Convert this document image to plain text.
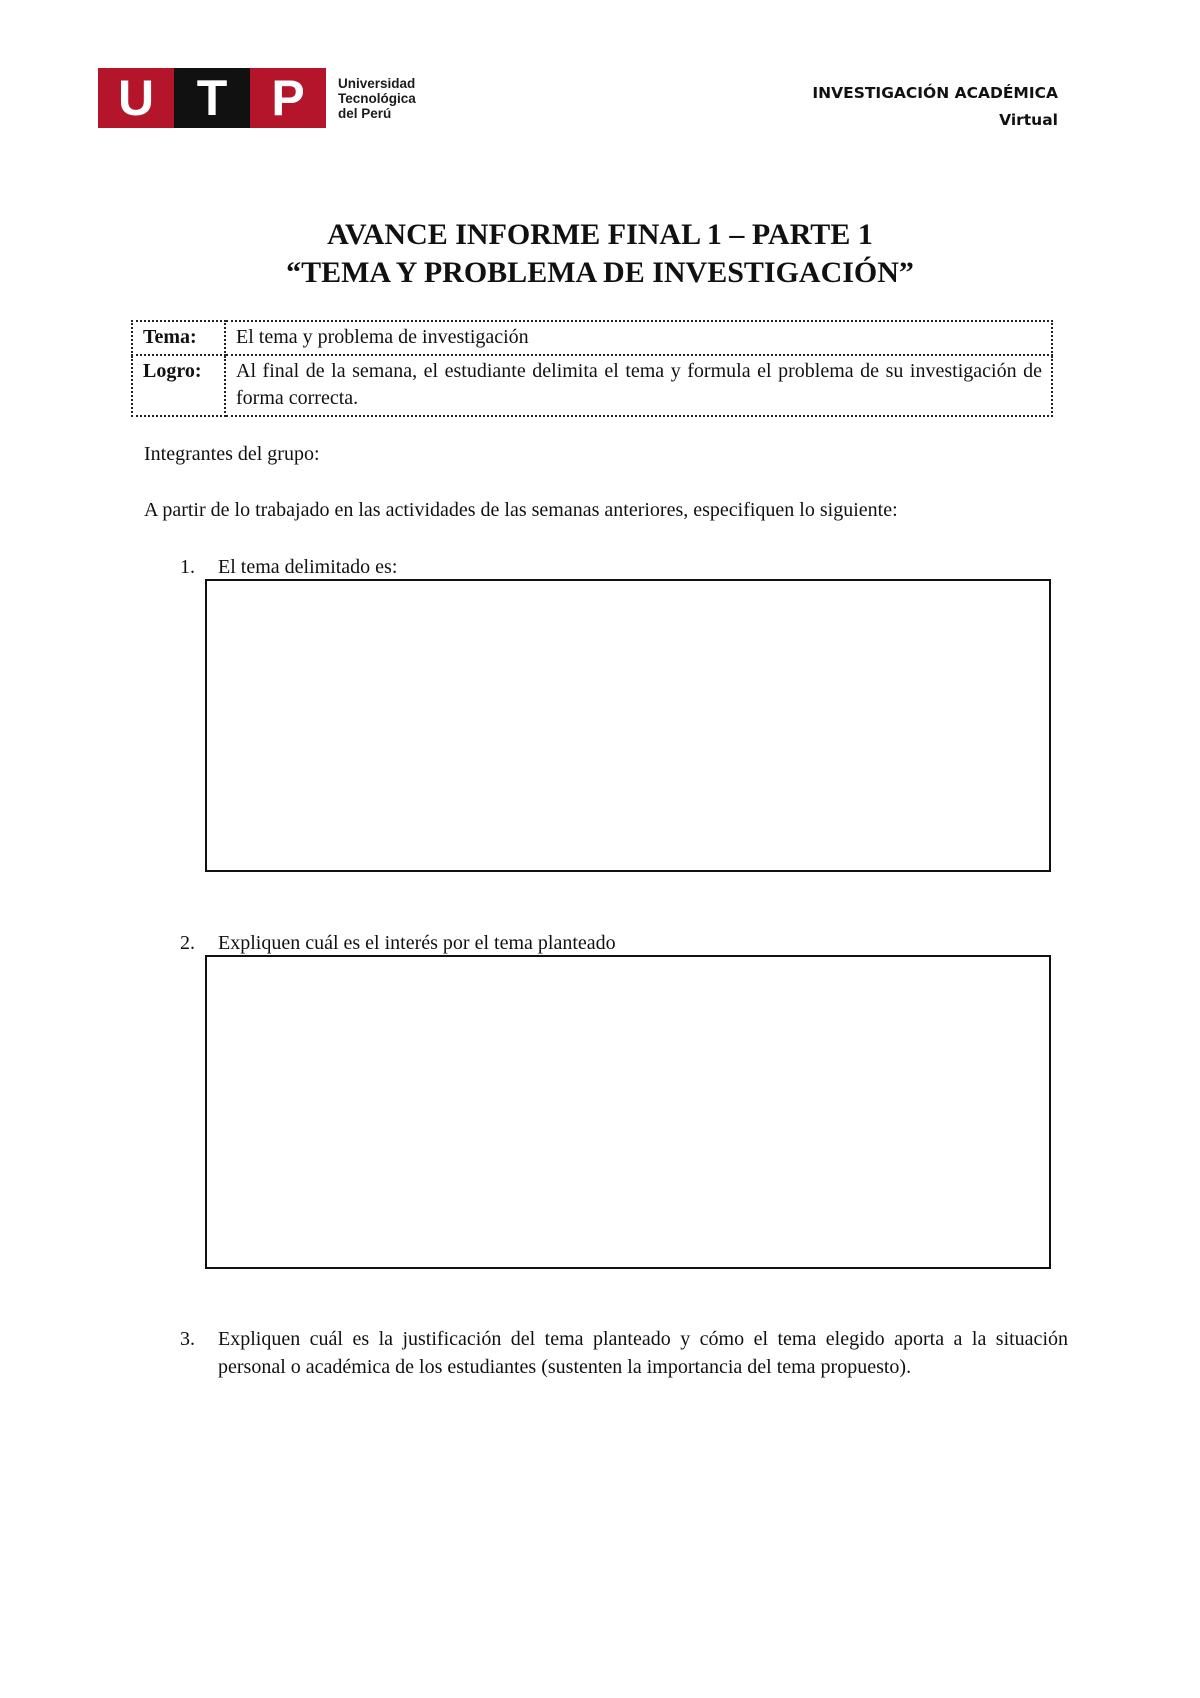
U T P	Universidad
Tecnológica
del Perú
INVESTIGACIÓN ACADÉMICA
Virtual
AVANCE INFORME FINAL 1 – PARTE 1
“TEMA Y PROBLEMA DE INVESTIGACIÓN”
Tema:	El tema y problema de investigación
Logro:	Al final de la semana, el estudiante delimita el tema y formula el problema de su investigación de forma correcta.
Integrantes del grupo:
A partir de lo trabajado en las actividades de las semanas anteriores, especifiquen lo siguiente:
1. El tema delimitado es:
2. Expliquen cuál es el interés por el tema planteado
3. Expliquen cuál es la justificación del tema planteado y cómo el tema elegido aporta a la situación personal o académica de los estudiantes (sustenten la importancia del tema propuesto).
